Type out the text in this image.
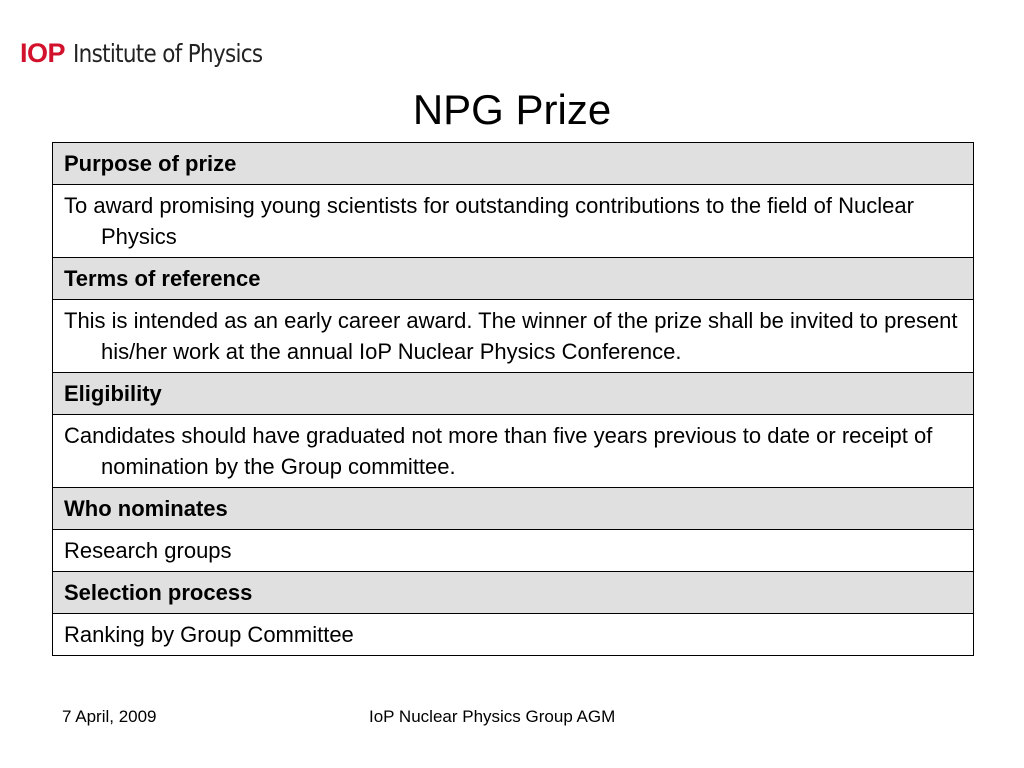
IOP Institute of Physics
NPG Prize
Purpose of prize

To award promising young scientists for outstanding contributions to the field of Nuclear Physics

Terms of reference

This is intended as an early career award. The winner of the prize shall be invited to present his/her work at the annual IoP Nuclear Physics Conference.

Eligibility

Candidates should have graduated not more than five years previous to date or receipt of nomination by the Group committee.

Who nominates

Research groups

Selection process

Ranking by Group Committee
7 April, 2009	IoP Nuclear Physics Group AGM
